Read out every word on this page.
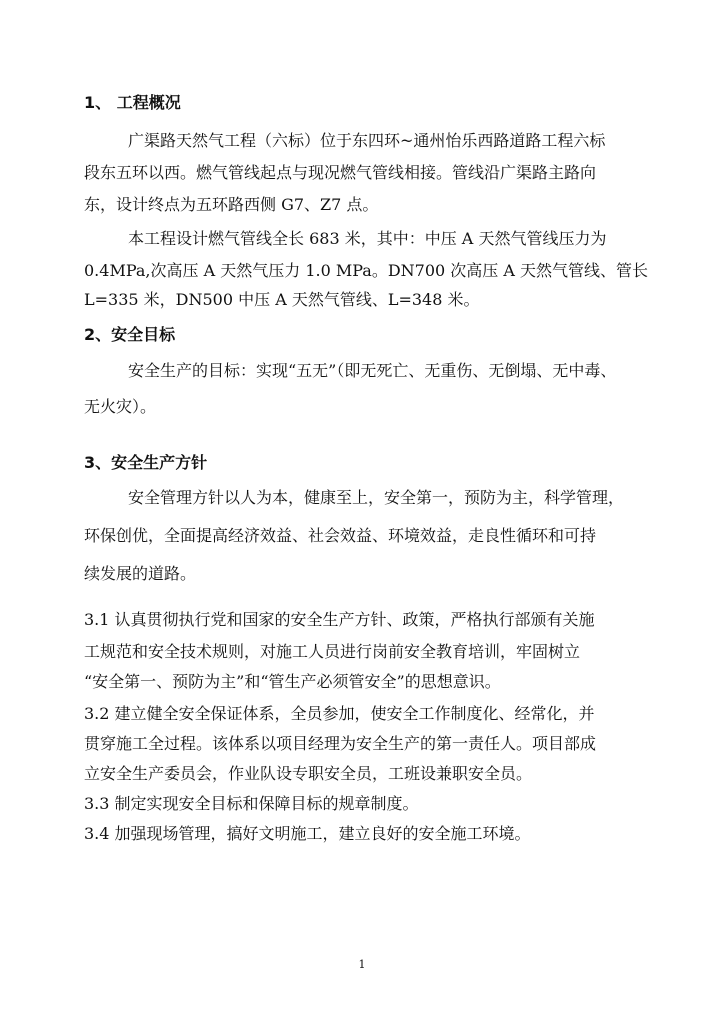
1、 工程概况
广渠路天然气工程（六标）位于东四环~通州怡乐西路道路工程六标
段东五环以西。燃气管线起点与现况燃气管线相接。管线沿广渠路主路向
东，设计终点为五环路西侧 G7、Z7 点。
本工程设计燃气管线全长 683 米，其中：中压 A 天然气管线压力为
0.4MPa,次高压 A 天然气压力 1.0 MPa。DN700 次高压 A 天然气管线、管长
L=335 米，DN500 中压 A 天然气管线、L=348 米。
2、安全目标
安全生产的目标：实现“五无”（即无死亡、无重伤、无倒塌、无中毒、
无火灾）。
3、安全生产方针
安全管理方针以人为本，健康至上，安全第一，预防为主，科学管理，
环保创优，全面提高经济效益、社会效益、环境效益，走良性循环和可持
续发展的道路。
3.1 认真贯彻执行党和国家的安全生产方针、政策，严格执行部颁有关施
工规范和安全技术规则，对施工人员进行岗前安全教育培训，牢固树立
“安全第一、预防为主”和“管生产必须管安全”的思想意识。
3.2 建立健全安全保证体系，全员参加，使安全工作制度化、经常化，并
贯穿施工全过程。该体系以项目经理为安全生产的第一责任人。项目部成
立安全生产委员会，作业队设专职安全员，工班设兼职安全员。
3.3 制定实现安全目标和保障目标的规章制度。
3.4 加强现场管理，搞好文明施工，建立良好的安全施工环境。
1
